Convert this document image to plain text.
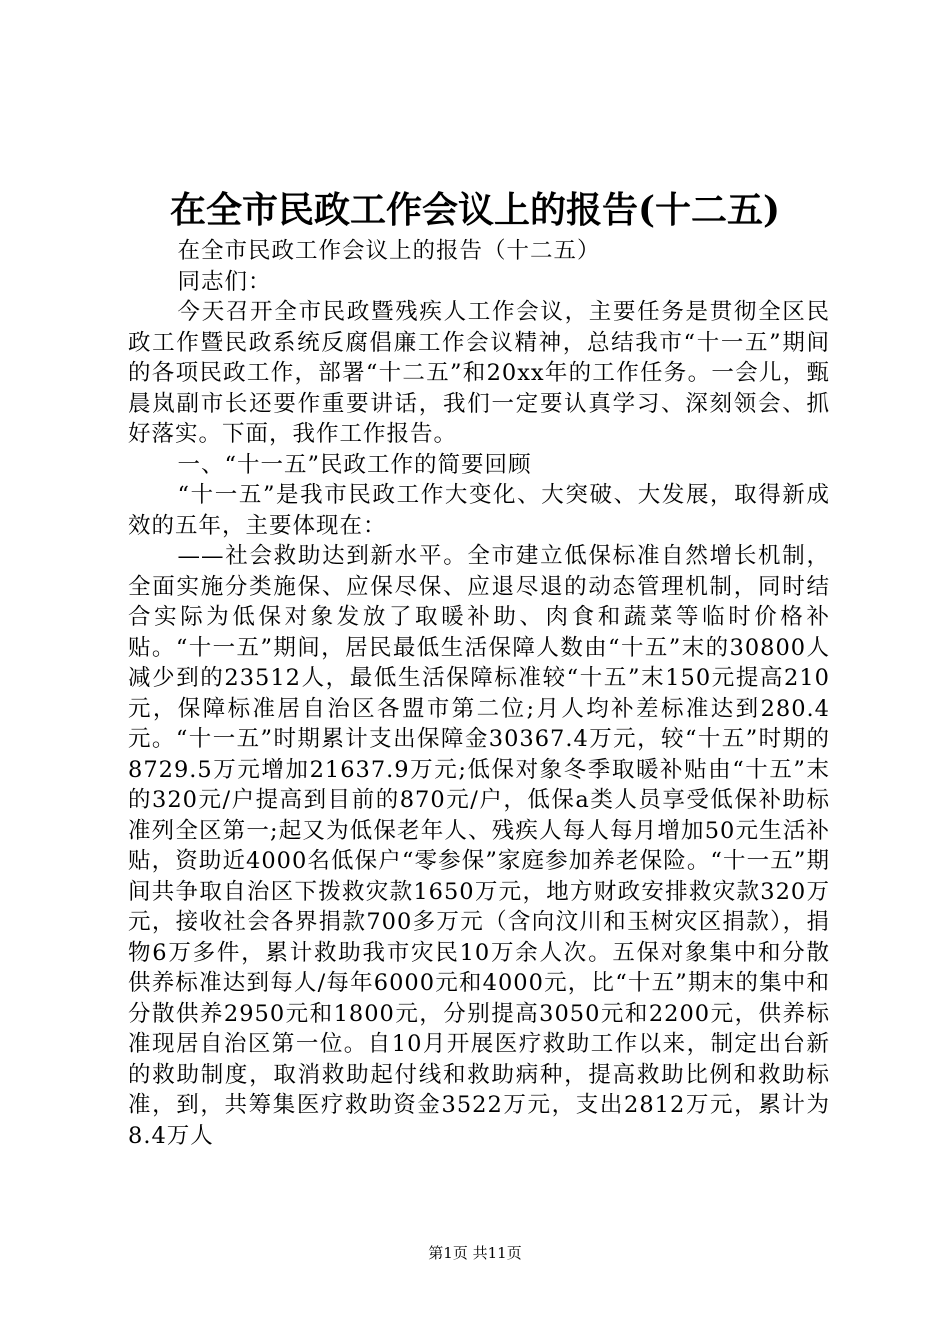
在全市民政工作会议上的报告(十二五)

在全市民政工作会议上的报告（十二五）

同志们：

今天召开全市民政暨残疾人工作会议，主要任务是贯彻全区民政工作暨民政系统反腐倡廉工作会议精神，总结我市“十一五”期间的各项民政工作，部署“十二五”和20xx年的工作任务。一会儿，甄晨岚副市长还要作重要讲话，我们一定要认真学习、深刻领会、抓好落实。下面，我作工作报告。

一、“十一五”民政工作的简要回顾

“十一五”是我市民政工作大变化、大突破、大发展，取得新成效的五年，主要体现在：

——社会救助达到新水平。全市建立低保标准自然增长机制，全面实施分类施保、应保尽保、应退尽退的动态管理机制，同时结合实际为低保对象发放了取暖补助、肉食和蔬菜等临时价格补贴。“十一五”期间，居民最低生活保障人数由“十五”末的30800人减少到的23512人，最低生活保障标准较“十五”末150元提高210元，保障标准居自治区各盟市第二位;月人均补差标准达到280.4元。“十一五”时期累计支出保障金30367.4万元，较“十五”时期的8729.5万元增加21637.9万元;低保对象冬季取暖补贴由“十五”末的320元/户提高到目前的870元/户，低保a类人员享受低保补助标准列全区第一;起又为低保老年人、残疾人每人每月增加50元生活补贴，资助近4000名低保户“零参保”家庭参加养老保险。“十一五”期间共争取自治区下拨救灾款1650万元，地方财政安排救灾款320万元，接收社会各界捐款700多万元（含向汶川和玉树灾区捐款），捐物6万多件，累计救助我市灾民10万余人次。五保对象集中和分散供养标准达到每人/每年6000元和4000元，比“十五”期末的集中和分散供养2950元和1800元，分别提高3050元和2200元，供养标准现居自治区第一位。自10月开展医疗救助工作以来，制定出台新的救助制度，取消救助起付线和救助病种，提高救助比例和救助标准，到，共筹集医疗救助资金3522万元，支出2812万元，累计为8.4万人

第1页 共11页
